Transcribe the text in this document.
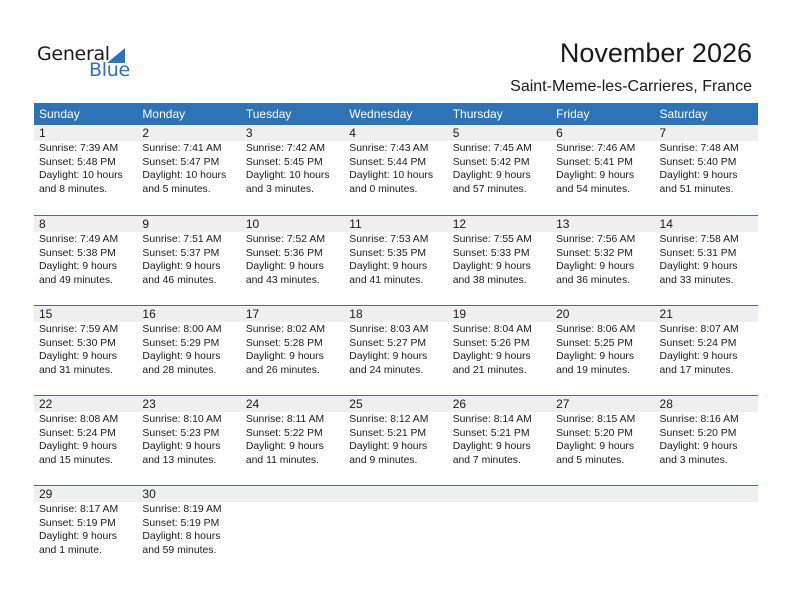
General
Blue
November 2026
Saint-Meme-les-Carrieres, France
Sunday	Monday	Tuesday	Wednesday	Thursday	Friday	Saturday
1	2	3	4	5	6	7
Sunrise: 7:39 AM
Sunset: 5:48 PM
Daylight: 10 hours
and 8 minutes.
Sunrise: 7:41 AM
Sunset: 5:47 PM
Daylight: 10 hours
and 5 minutes.
Sunrise: 7:42 AM
Sunset: 5:45 PM
Daylight: 10 hours
and 3 minutes.
Sunrise: 7:43 AM
Sunset: 5:44 PM
Daylight: 10 hours
and 0 minutes.
Sunrise: 7:45 AM
Sunset: 5:42 PM
Daylight: 9 hours
and 57 minutes.
Sunrise: 7:46 AM
Sunset: 5:41 PM
Daylight: 9 hours
and 54 minutes.
Sunrise: 7:48 AM
Sunset: 5:40 PM
Daylight: 9 hours
and 51 minutes.
8	9	10	11	12	13	14
Sunrise: 7:49 AM
Sunset: 5:38 PM
Daylight: 9 hours
and 49 minutes.
Sunrise: 7:51 AM
Sunset: 5:37 PM
Daylight: 9 hours
and 46 minutes.
Sunrise: 7:52 AM
Sunset: 5:36 PM
Daylight: 9 hours
and 43 minutes.
Sunrise: 7:53 AM
Sunset: 5:35 PM
Daylight: 9 hours
and 41 minutes.
Sunrise: 7:55 AM
Sunset: 5:33 PM
Daylight: 9 hours
and 38 minutes.
Sunrise: 7:56 AM
Sunset: 5:32 PM
Daylight: 9 hours
and 36 minutes.
Sunrise: 7:58 AM
Sunset: 5:31 PM
Daylight: 9 hours
and 33 minutes.
15	16	17	18	19	20	21
Sunrise: 7:59 AM
Sunset: 5:30 PM
Daylight: 9 hours
and 31 minutes.
Sunrise: 8:00 AM
Sunset: 5:29 PM
Daylight: 9 hours
and 28 minutes.
Sunrise: 8:02 AM
Sunset: 5:28 PM
Daylight: 9 hours
and 26 minutes.
Sunrise: 8:03 AM
Sunset: 5:27 PM
Daylight: 9 hours
and 24 minutes.
Sunrise: 8:04 AM
Sunset: 5:26 PM
Daylight: 9 hours
and 21 minutes.
Sunrise: 8:06 AM
Sunset: 5:25 PM
Daylight: 9 hours
and 19 minutes.
Sunrise: 8:07 AM
Sunset: 5:24 PM
Daylight: 9 hours
and 17 minutes.
22	23	24	25	26	27	28
Sunrise: 8:08 AM
Sunset: 5:24 PM
Daylight: 9 hours
and 15 minutes.
Sunrise: 8:10 AM
Sunset: 5:23 PM
Daylight: 9 hours
and 13 minutes.
Sunrise: 8:11 AM
Sunset: 5:22 PM
Daylight: 9 hours
and 11 minutes.
Sunrise: 8:12 AM
Sunset: 5:21 PM
Daylight: 9 hours
and 9 minutes.
Sunrise: 8:14 AM
Sunset: 5:21 PM
Daylight: 9 hours
and 7 minutes.
Sunrise: 8:15 AM
Sunset: 5:20 PM
Daylight: 9 hours
and 5 minutes.
Sunrise: 8:16 AM
Sunset: 5:20 PM
Daylight: 9 hours
and 3 minutes.
29	30
Sunrise: 8:17 AM
Sunset: 5:19 PM
Daylight: 9 hours
and 1 minute.
Sunrise: 8:19 AM
Sunset: 5:19 PM
Daylight: 8 hours
and 59 minutes.
